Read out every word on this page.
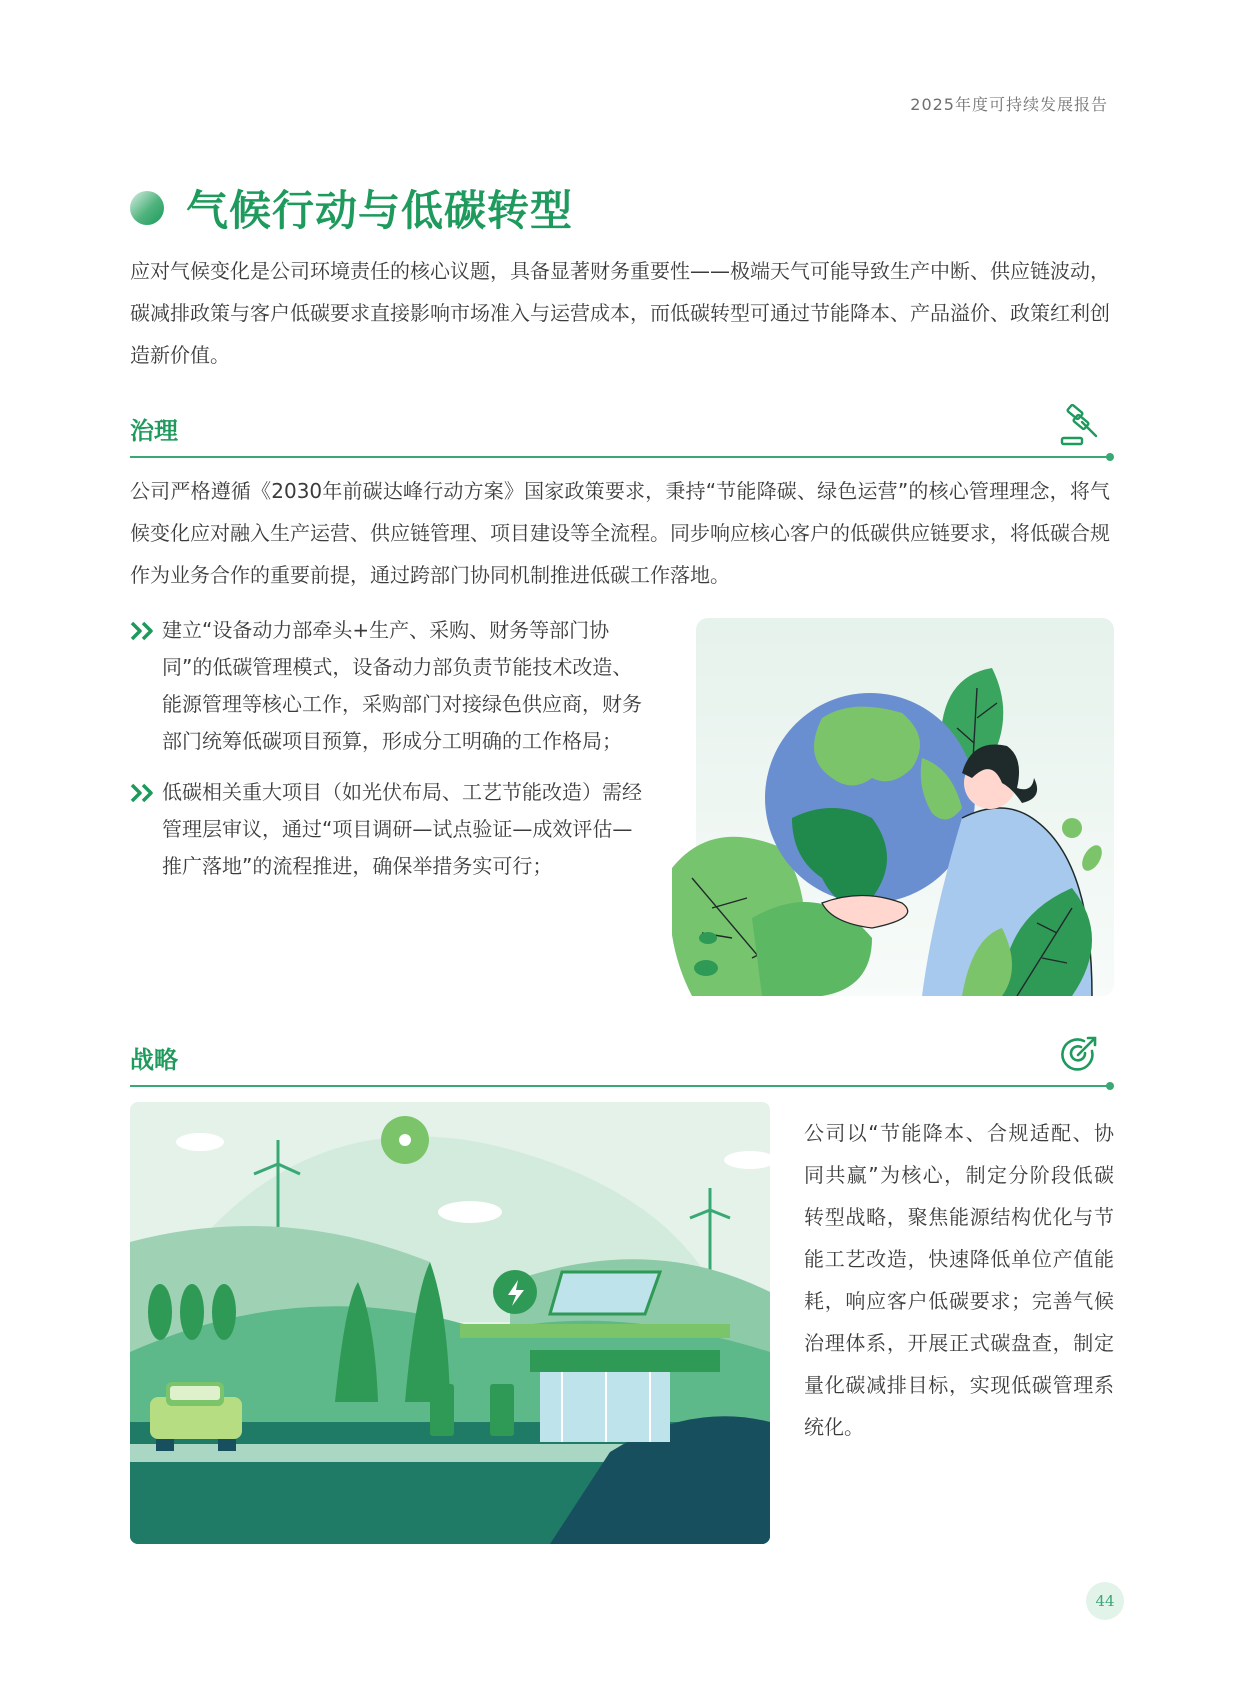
2025年度可持续发展报告
气候行动与低碳转型

应对气候变化是公司环境责任的核心议题，具备显著财务重要性——极端天气可能导致生产中断、供应链波动，碳减排政策与客户低碳要求直接影响市场准入与运营成本，而低碳转型可通过节能降本、产品溢价、政策红利创造新价值。

治理

公司严格遵循《2030年前碳达峰行动方案》国家政策要求，秉持“节能降碳、绿色运营”的核心管理理念，将气候变化应对融入生产运营、供应链管理、项目建设等全流程。同步响应核心客户的低碳供应链要求，将低碳合规作为业务合作的重要前提，通过跨部门协同机制推进低碳工作落地。

建立“设备动力部牵头+生产、采购、财务等部门协同”的低碳管理模式，设备动力部负责节能技术改造、能源管理等核心工作，采购部门对接绿色供应商，财务部门统筹低碳项目预算，形成分工明确的工作格局；
低碳相关重大项目（如光伏布局、工艺节能改造）需经管理层审议，通过“项目调研—试点验证—成效评估—推广落地”的流程推进，确保举措务实可行；
战略

公司以“节能降本、合规适配、协同共赢”为核心，制定分阶段低碳转型战略，聚焦能源结构优化与节能工艺改造，快速降低单位产值能耗，响应客户低碳要求；完善气候治理体系，开展正式碳盘查，制定量化碳减排目标，实现低碳管理系统化。

44
